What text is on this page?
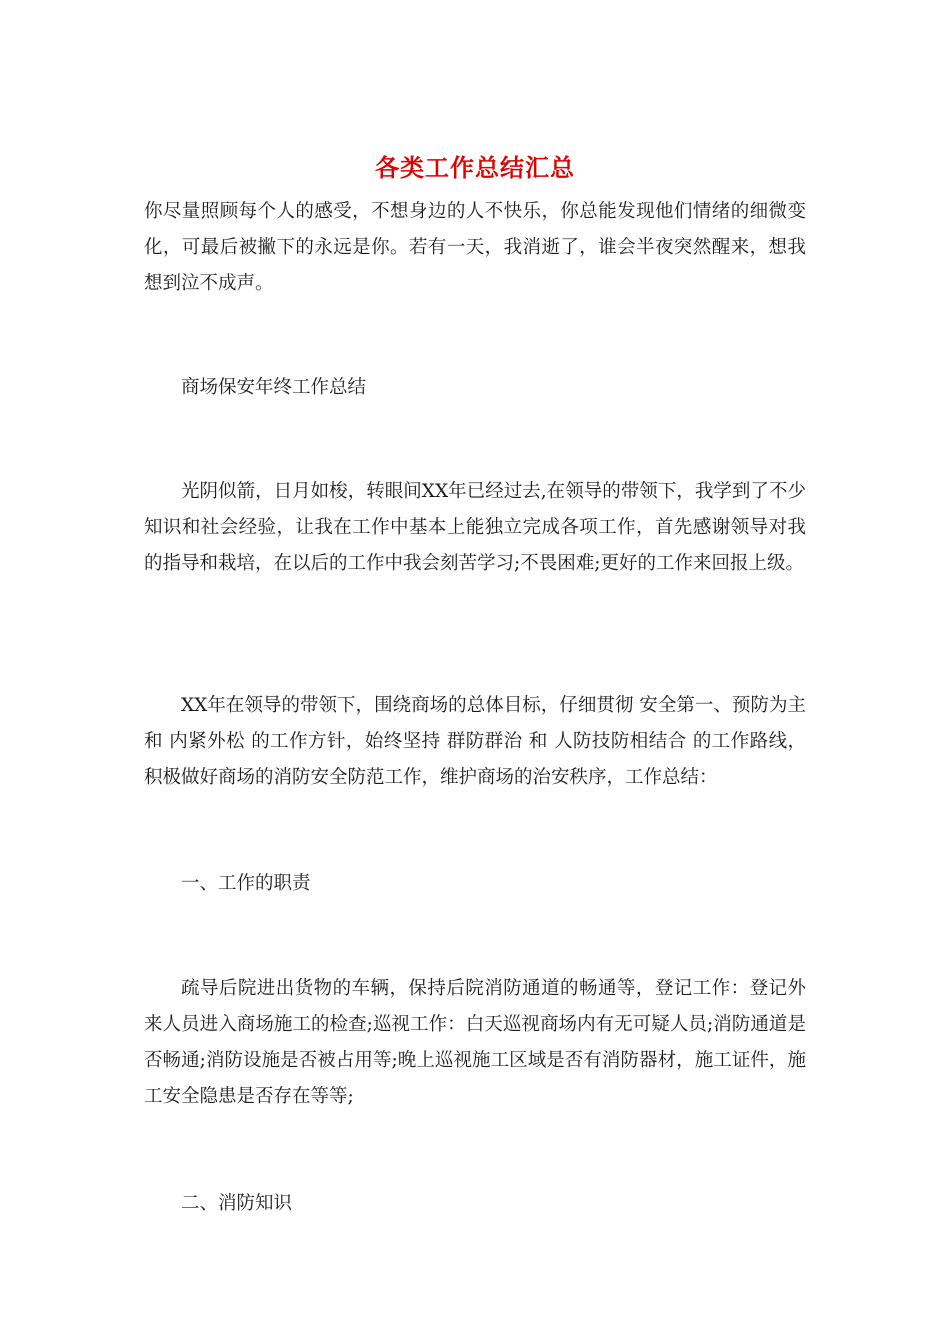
各类工作总结汇总

你尽量照顾每个人的感受，不想身边的人不快乐，你总能发现他们情绪的细微变化，可最后被撇下的永远是你。若有一天，我消逝了，谁会半夜突然醒来，想我想到泣不成声。

商场保安年终工作总结

光阴似箭，日月如梭，转眼间XX年已经过去,在领导的带领下，我学到了不少知识和社会经验，让我在工作中基本上能独立完成各项工作，首先感谢领导对我的指导和栽培，在以后的工作中我会刻苦学习;不畏困难;更好的工作来回报上级。

XX年在领导的带领下，围绕商场的总体目标，仔细贯彻 安全第一、预防为主 和 内紧外松 的工作方针，始终坚持 群防群治 和 人防技防相结合 的工作路线，积极做好商场的消防安全防范工作，维护商场的治安秩序，工作总结：

一、工作的职责

疏导后院进出货物的车辆，保持后院消防通道的畅通等，登记工作：登记外来人员进入商场施工的检查;巡视工作：白天巡视商场内有无可疑人员;消防通道是否畅通;消防设施是否被占用等;晚上巡视施工区域是否有消防器材，施工证件，施工安全隐患是否存在等等;

二、消防知识
